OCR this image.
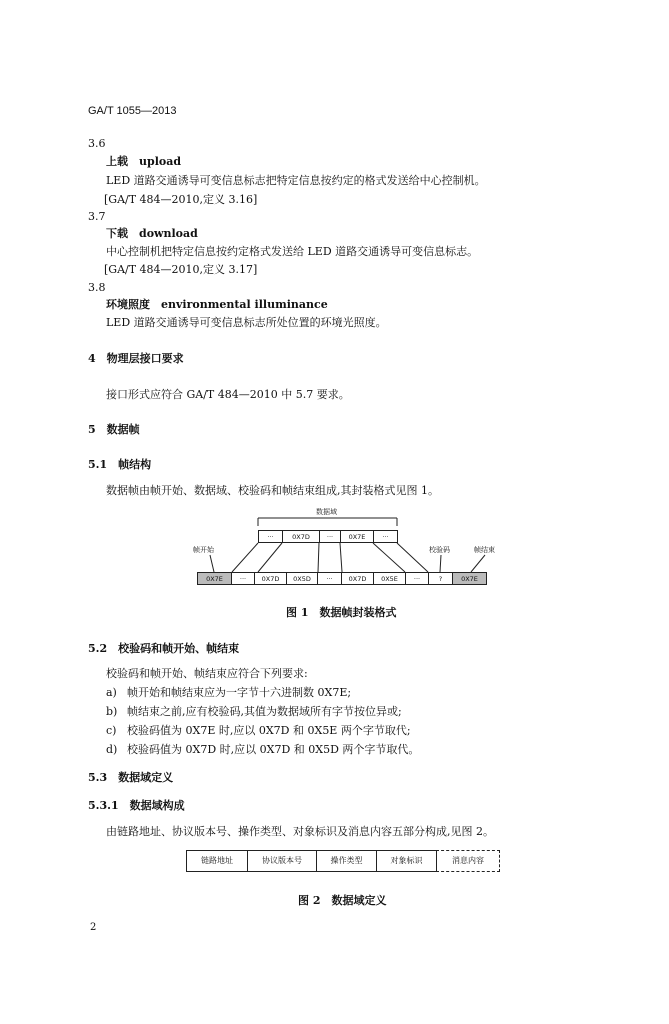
GA/T 1055—2013
3.6
上载　upload
LED 道路交通诱导可变信息标志把特定信息按约定的格式发送给中心控制机。
[GA/T 484—2010,定义 3.16]
3.7
下载　download
中心控制机把特定信息按约定格式发送给 LED 道路交通诱导可变信息标志。
[GA/T 484—2010,定义 3.17]
3.8
环境照度　environmental illuminance
LED 道路交通诱导可变信息标志所处位置的环境光照度。
4　物理层接口要求
接口形式应符合 GA/T 484—2010 中 5.7 要求。
5　数据帧
5.1　帧结构
数据帧由帧开始、数据域、校验码和帧结束组成,其封装格式见图 1。
数据域
···	0X7D	···	0X7E	···
帧开始	校验码	帧结束
0X7E	···	0X7D	0X5D	···	0X7D	0X5E	···	?	0X7E
图 1　数据帧封装格式
5.2　校验码和帧开始、帧结束
校验码和帧开始、帧结束应符合下列要求:
a) 帧开始和帧结束应为一字节十六进制数 0X7E;
b) 帧结束之前,应有校验码,其值为数据域所有字节按位异或;
c) 校验码值为 0X7E 时,应以 0X7D 和 0X5E 两个字节取代;
d) 校验码值为 0X7D 时,应以 0X7D 和 0X5D 两个字节取代。
5.3　数据域定义
5.3.1　数据域构成
由链路地址、协议版本号、操作类型、对象标识及消息内容五部分构成,见图 2。
链路地址	协议版本号	操作类型	对象标识	消息内容
图 2　数据域定义
2
